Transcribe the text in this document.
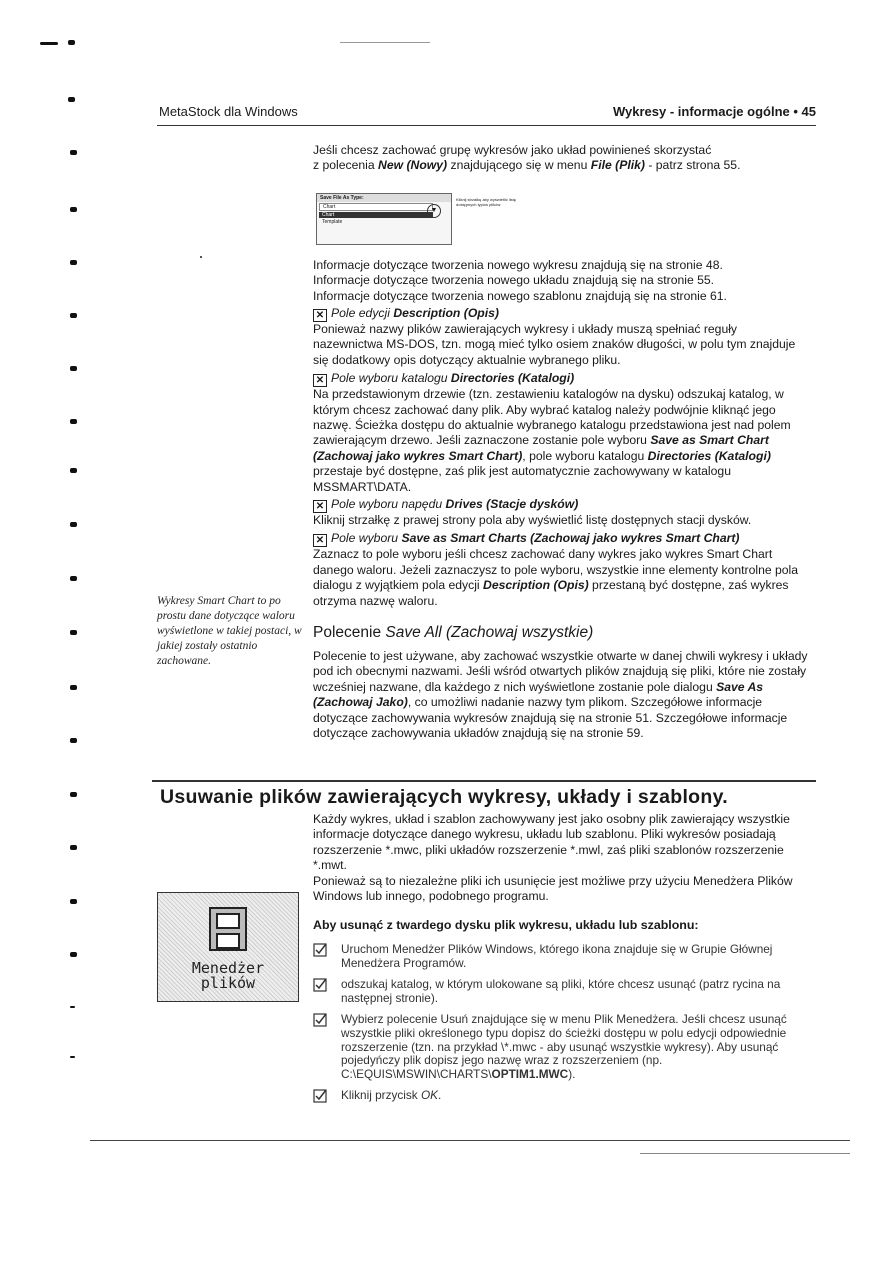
MetaStock dla Windows	Wykresy - informacje ogólne • 45

Jeśli chcesz zachować grupę wykresów jako układ powinieneś skorzystać
z polecenia New (Nowy) znajdującego się w menu File (Plik) - patrz strona 55.

Save File As Type:
Chart
Chart
Template
▼
Kliknij strzałkę aby wyświetlić listę dostępnych typów plików.

Informacje dotyczące tworzenia nowego wykresu znajdują się na stronie 48.

Informacje dotyczące tworzenia nowego układu znajdują się na stronie 55.

Informacje dotyczące tworzenia nowego szablonu znajdują się na stronie 61.

✕ Pole edycji Description (Opis)

Ponieważ nazwy plików zawierających wykresy i układy muszą spełniać reguły nazewnictwa MS-DOS, tzn. mogą mieć tylko osiem znaków długości, w polu tym znajduje się dodatkowy opis dotyczący aktualnie wybranego pliku.

✕ Pole wyboru katalogu Directories (Katalogi)

Na przedstawionym drzewie (tzn. zestawieniu katalogów na dysku) odszukaj katalog, w którym chcesz zachować dany plik. Aby wybrać katalog należy podwójnie kliknąć jego nazwę. Ścieżka dostępu do aktualnie wybranego katalogu przedstawiona jest nad polem zawierającym drzewo. Jeśli zaznaczone zostanie pole wyboru Save as Smart Chart (Zachowaj jako wykres Smart Chart), pole wyboru katalogu Directories (Katalogi) przestaje być dostępne, zaś plik jest automatycznie zachowywany w katalogu MSSMART\DATA.

✕ Pole wyboru napędu Drives (Stacje dysków)

Kliknij strzałkę z prawej strony pola aby wyświetlić listę dostępnych stacji dysków.

✕ Pole wyboru Save as Smart Charts (Zachowaj jako wykres Smart Chart)

Zaznacz to pole wyboru jeśli chcesz zachować dany wykres jako wykres Smart Chart danego waloru. Jeżeli zaznaczysz to pole wyboru, wszystkie inne elementy kontrolne pola dialogu z wyjątkiem pola edycji Description (Opis) przestaną być dostępne, zaś wykres otrzyma nazwę waloru.

Wykresy Smart Chart to po prostu dane dotyczące waloru wyświetlone w takiej postaci, w jakiej zostały ostatnio zachowane.
Polecenie Save All (Zachowaj wszystkie)

Polecenie to jest używane, aby zachować wszystkie otwarte w danej chwili wykresy i układy pod ich obecnymi nazwami. Jeśli wśród otwartych plików znajdują się pliki, które nie zostały wcześniej nazwane, dla każdego z nich wyświetlone zostanie pole dialogu Save As (Zachowaj Jako), co umożliwi nadanie nazwy tym plikom. Szczegółowe informacje dotyczące zachowywania wykresów znajdują się na stronie 51. Szczegółowe informacje dotyczące zachowywania układów znajdują się na stronie 59.

Usuwanie plików zawierających wykresy, układy i szablony.

Każdy wykres, układ i szablon zachowywany jest jako osobny plik zawierający wszystkie informacje dotyczące danego wykresu, układu lub szablonu. Pliki wykresów posiadają rozszerzenie *.mwc, pliki układów rozszerzenie *.mwl, zaś pliki szablonów rozszerzenie *.mwt.

Ponieważ są to niezależne pliki ich usunięcie jest możliwe przy użyciu Menedżera Plików Windows lub innego, podobnego programu.

Menedżer plików
Aby usunąć z twardego dysku plik wykresu, układu lub szablonu:
Uruchom Menedżer Plików Windows, którego ikona znajduje się w Grupie Głównej Menedżera Programów.
odszukaj katalog, w którym ulokowane są pliki, które chcesz usunąć (patrz rycina na następnej stronie).
Wybierz polecenie Usuń znajdujące się w menu Plik Menedżera. Jeśli chcesz usunąć wszystkie pliki określonego typu dopisz do ścieżki dostępu w polu edycji odpowiednie rozszerzenie (tzn. na przykład \*.mwc - aby usunąć wszystkie wykresy). Aby usunąć pojedyńczy plik dopisz jego nazwę wraz z rozszerzeniem (np. C:\EQUIS\MSWIN\CHARTS\OPTIM1.MWC).
Kliknij przycisk OK.
